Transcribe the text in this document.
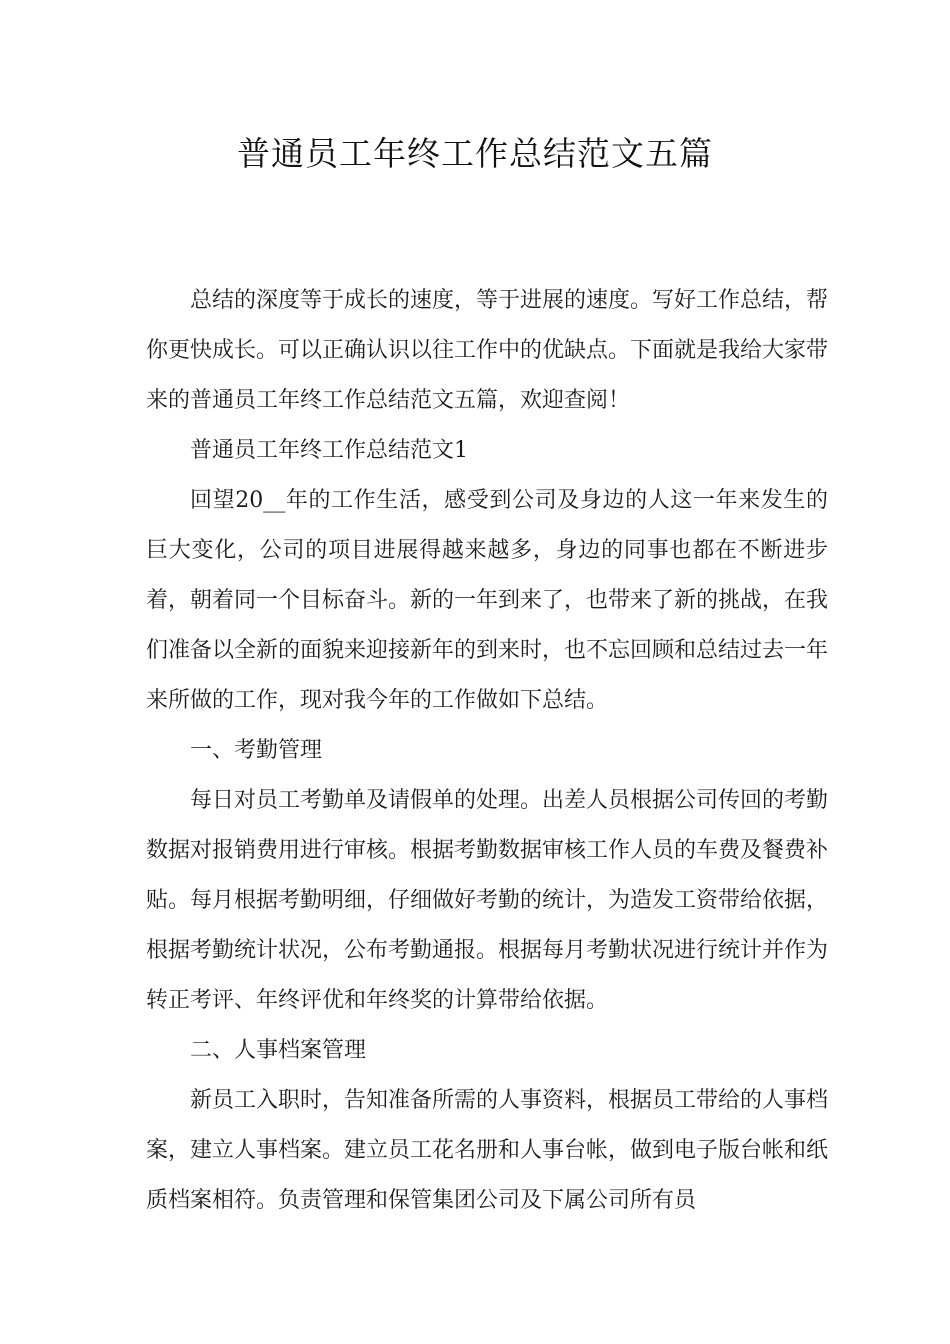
普通员工年终工作总结范文五篇

总结的深度等于成长的速度，等于进展的速度。写好工作总结，帮你更快成长。可以正确认识以往工作中的优缺点。下面就是我给大家带来的普通员工年终工作总结范文五篇，欢迎查阅！

普通员工年终工作总结范文1

回望20__年的工作生活，感受到公司及身边的人这一年来发生的巨大变化，公司的项目进展得越来越多，身边的同事也都在不断进步着，朝着同一个目标奋斗。新的一年到来了，也带来了新的挑战，在我们准备以全新的面貌来迎接新年的到来时，也不忘回顾和总结过去一年来所做的工作，现对我今年的工作做如下总结。

一、考勤管理

每日对员工考勤单及请假单的处理。出差人员根据公司传回的考勤数据对报销费用进行审核。根据考勤数据审核工作人员的车费及餐费补贴。每月根据考勤明细，仔细做好考勤的统计，为造发工资带给依据，根据考勤统计状况，公布考勤通报。根据每月考勤状况进行统计并作为转正考评、年终评优和年终奖的计算带给依据。

二、人事档案管理

新员工入职时，告知准备所需的人事资料，根据员工带给的人事档案，建立人事档案。建立员工花名册和人事台帐，做到电子版台帐和纸质档案相符。负责管理和保管集团公司及下属公司所有员
